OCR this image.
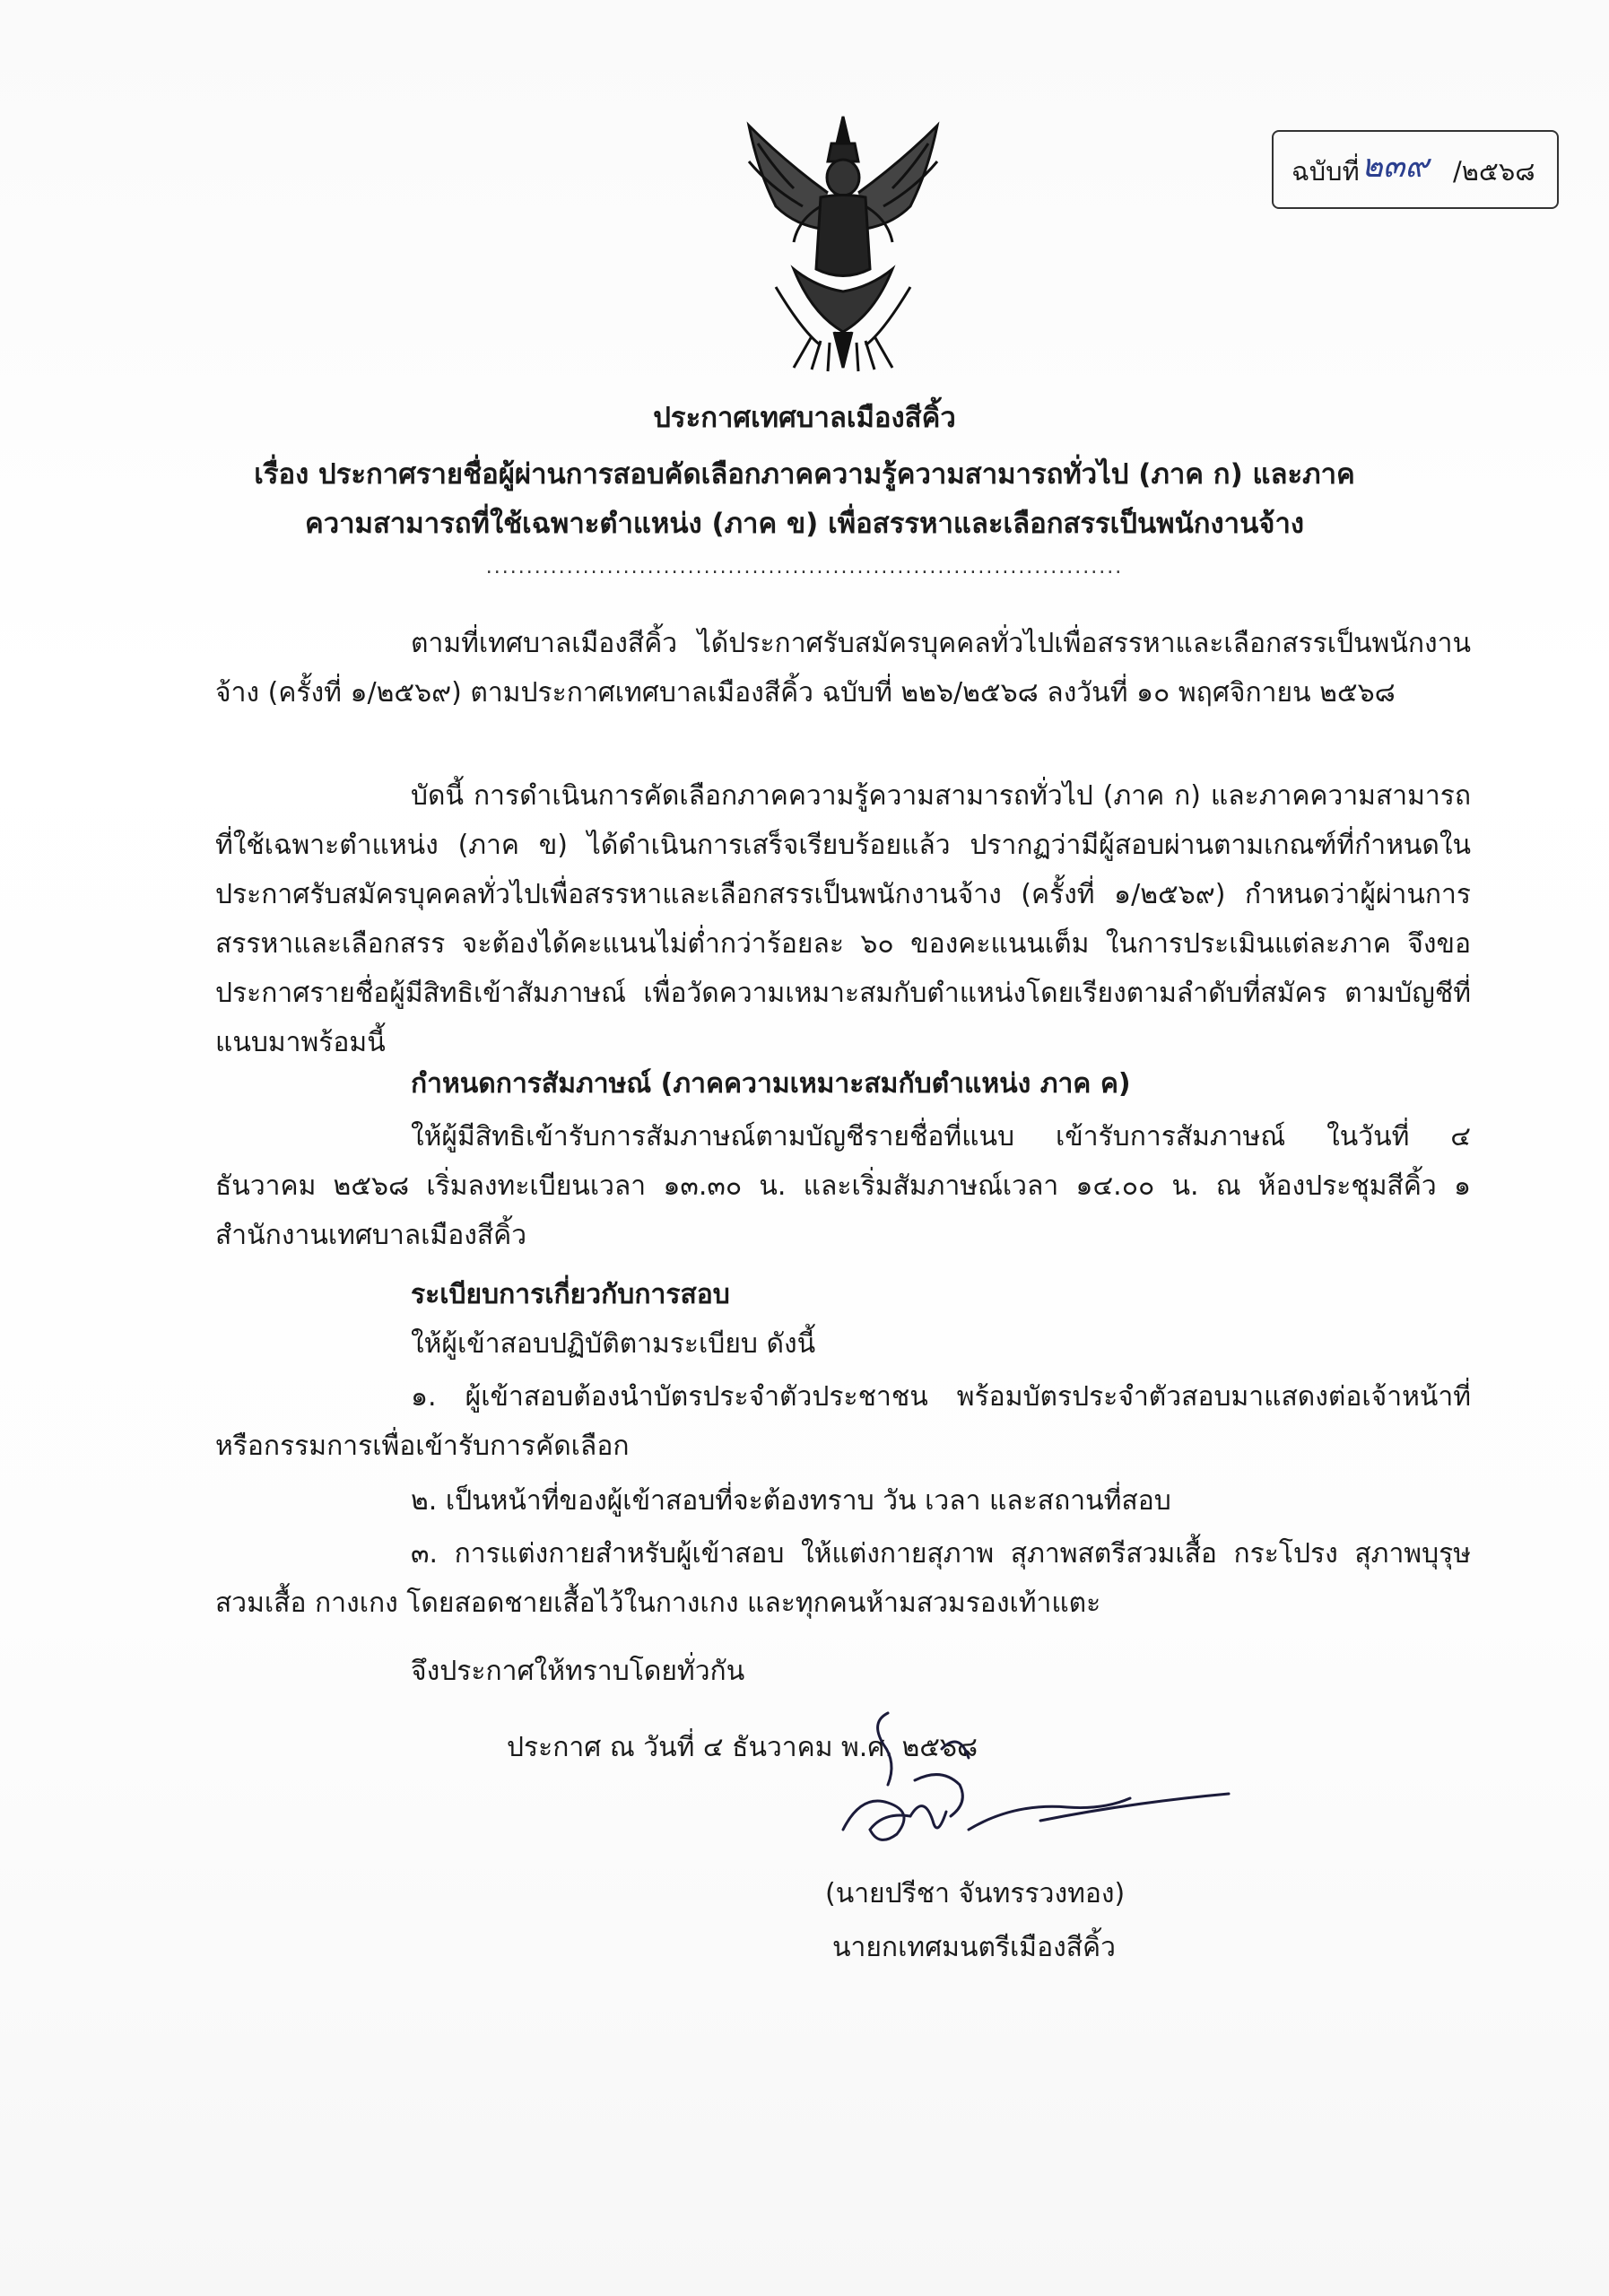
ฉบับที่ ๒๓๙ /๒๕๖๘
ประกาศเทศบาลเมืองสีคิ้ว
เรื่อง ประกาศรายชื่อผู้ผ่านการสอบคัดเลือกภาคความรู้ความสามารถทั่วไป (ภาค ก) และภาค
ความสามารถที่ใช้เฉพาะตำแหน่ง (ภาค ข) เพื่อสรรหาและเลือกสรรเป็นพนักงานจ้าง
...............................................................................
ตามที่เทศบาลเมืองสีคิ้ว ได้ประกาศรับสมัครบุคคลทั่วไปเพื่อสรรหาและเลือกสรรเป็นพนักงานจ้าง (ครั้งที่ ๑/๒๕๖๙) ตามประกาศเทศบาลเมืองสีคิ้ว ฉบับที่ ๒๒๖/๒๕๖๘ ลงวันที่ ๑๐ พฤศจิกายน ๒๕๖๘
บัดนี้ การดำเนินการคัดเลือกภาคความรู้ความสามารถทั่วไป (ภาค ก) และภาคความสามารถที่ใช้เฉพาะตำแหน่ง (ภาค ข) ได้ดำเนินการเสร็จเรียบร้อยแล้ว ปรากฏว่ามีผู้สอบผ่านตามเกณฑ์ที่กำหนดในประกาศรับสมัครบุคคลทั่วไปเพื่อสรรหาและเลือกสรรเป็นพนักงานจ้าง (ครั้งที่ ๑/๒๕๖๙) กำหนดว่าผู้ผ่านการสรรหาและเลือกสรร จะต้องได้คะแนนไม่ต่ำกว่าร้อยละ ๖๐ ของคะแนนเต็ม ในการประเมินแต่ละภาค จึงขอประกาศรายชื่อผู้มีสิทธิเข้าสัมภาษณ์ เพื่อวัดความเหมาะสมกับตำแหน่งโดยเรียงตามลำดับที่สมัคร ตามบัญชีที่แนบมาพร้อมนี้
กำหนดการสัมภาษณ์ (ภาคความเหมาะสมกับตำแหน่ง ภาค ค)
ให้ผู้มีสิทธิเข้ารับการสัมภาษณ์ตามบัญชีรายชื่อที่แนบ เข้ารับการสัมภาษณ์ ในวันที่ ๔ ธันวาคม ๒๕๖๘ เริ่มลงทะเบียนเวลา ๑๓.๓๐ น. และเริ่มสัมภาษณ์เวลา ๑๔.๐๐ น. ณ ห้องประชุมสีคิ้ว ๑ สำนักงานเทศบาลเมืองสีคิ้ว
ระเบียบการเกี่ยวกับการสอบ
ให้ผู้เข้าสอบปฏิบัติตามระเบียบ ดังนี้
๑. ผู้เข้าสอบต้องนำบัตรประจำตัวประชาชน พร้อมบัตรประจำตัวสอบมาแสดงต่อเจ้าหน้าที่หรือกรรมการเพื่อเข้ารับการคัดเลือก
๒. เป็นหน้าที่ของผู้เข้าสอบที่จะต้องทราบ วัน เวลา และสถานที่สอบ
๓. การแต่งกายสำหรับผู้เข้าสอบ ให้แต่งกายสุภาพ สุภาพสตรีสวมเสื้อ กระโปรง สุภาพบุรุษสวมเสื้อ กางเกง โดยสอดชายเสื้อไว้ในกางเกง และทุกคนห้ามสวมรองเท้าแตะ
จึงประกาศให้ทราบโดยทั่วกัน
ประกาศ ณ วันที่ ๔ ธันวาคม พ.ศ. ๒๕๖๘
(นายปรีชา จันทรรวงทอง)
นายกเทศมนตรีเมืองสีคิ้ว
